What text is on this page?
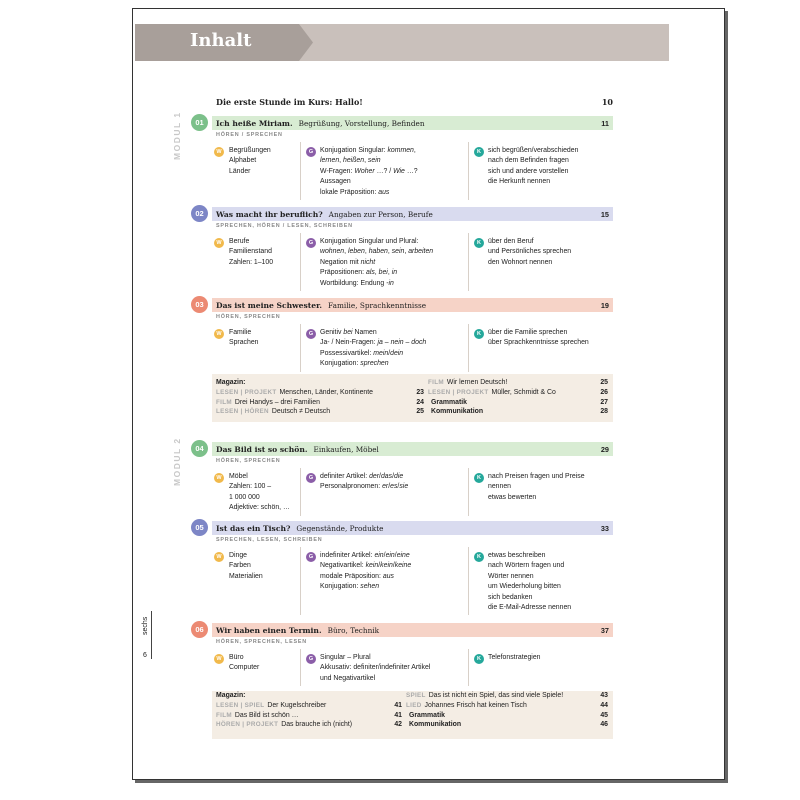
Inhalt
Die erste Stunde im Kurs: Hallo!	10
MODUL 1
MODUL 2
01	Ich heiße Miriam. Begrüßung, Vorstellung, Befinden	11
HÖREN / SPRECHEN
W	Begrüßungen
Alphabet
Länder
G Konjugation Singular: kommen,
lernen, heißen, sein
W-Fragen: Woher …? / Wie …?
Aussagen
lokale Präposition: aus
K	sich begrüßen/verabschieden
nach dem Befinden fragen
sich und andere vorstellen
die Herkunft nennen
02	Was macht ihr beruflich? Angaben zur Person, Berufe	15
SPRECHEN, HÖREN / LESEN, SCHREIBEN
W	Berufe
Familienstand
Zahlen: 1–100
G Konjugation Singular und Plural:
wohnen, leben, haben, sein, arbeiten
Negation mit nicht
Präpositionen: als, bei, in
Wortbildung: Endung -in
K	über den Beruf
und Persönliches sprechen
den Wohnort nennen
03	Das ist meine Schwester. Familie, Sprachkenntnisse	19
HÖREN, SPRECHEN
W	Familie
Sprachen
G Genitiv bei Namen
Ja- / Nein-Fragen: ja – nein – doch
Possessivartikel: mein/dein
Konjugation: sprechen
K	über die Familie sprechen
über Sprachkenntnisse sprechen
04	Das Bild ist so schön. Einkaufen, Möbel	29
HÖREN, SPRECHEN
W	Möbel
Zahlen: 100 –
1 000 000
Adjektive: schön, …
G definiter Artikel: der/das/die
Personalpronomen: er/es/sie
K	nach Preisen fragen und Preise
nennen
etwas bewerten
05	Ist das ein Tisch? Gegenstände, Produkte	33
SPRECHEN, LESEN, SCHREIBEN
W	Dinge
Farben
Materialien
G indefiniter Artikel: ein/ein/eine
Negativartikel: kein/kein/keine
modale Präposition: aus
Konjugation: sehen
K	etwas beschreiben
nach Wörtern fragen und
Wörter nennen
um Wiederholung bitten
sich bedanken
die E-Mail-Adresse nennen
06	Wir haben einen Termin. Büro, Technik	37
HÖREN, SPRECHEN, LESEN
W	Büro
Computer
G Singular – Plural
Akkusativ: definiter/indefiniter Artikel
und Negativartikel
K	Telefonstrategien
Magazin:
LESEN | PROJEKT Menschen, Länder, Kontinente	23
FILM Drei Handys – drei Familien	24
LESEN | HÖREN Deutsch ≠ Deutsch	25
FILM Wir lernen Deutsch!	25
LESEN | PROJEKT Müller, Schmidt & Co	26
Grammatik	27
Kommunikation	28
Magazin:
LESEN | SPIEL Der Kugelschreiber	41
FILM Das Bild ist schön …	41
HÖREN | PROJEKT Das brauche ich (nicht)	42
SPIEL Das ist nicht ein Spiel, das sind viele Spiele!	43
LIED Johannes Frisch hat keinen Tisch	44
Grammatik	45
Kommunikation	46
sechs
6
